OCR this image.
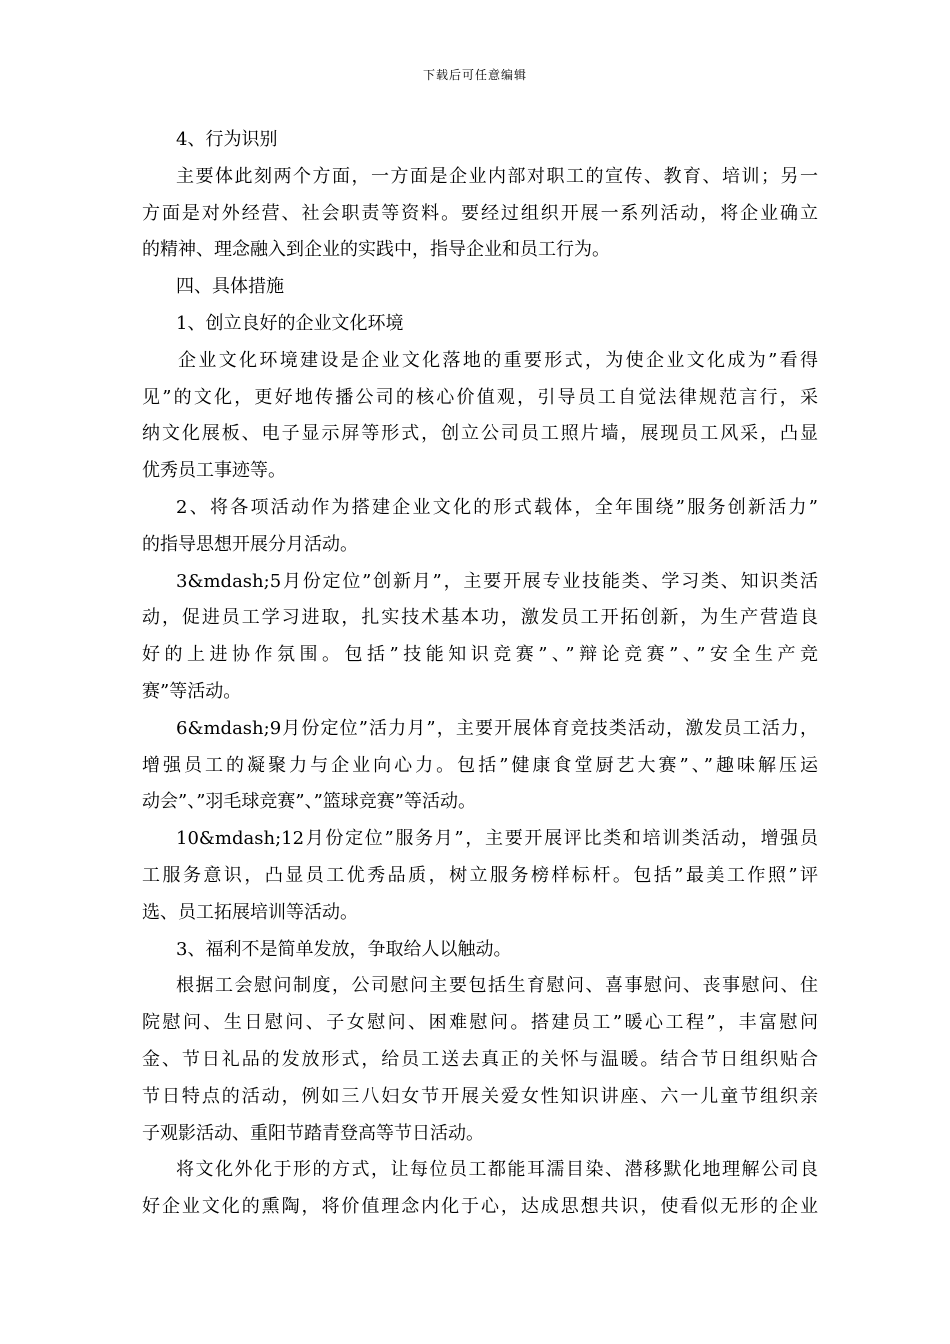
下载后可任意编辑
4、行为识别
主要体此刻两个方面，一方面是企业内部对职工的宣传、教育、培训；另一
方面是对外经营、社会职责等资料。要经过组织开展一系列活动，将企业确立
的精神、理念融入到企业的实践中，指导企业和员工行为。
四、具体措施
1、创立良好的企业文化环境
企业文化环境建设是企业文化落地的重要形式，为使企业文化成为”看得
见”的文化，更好地传播公司的核心价值观，引导员工自觉法律规范言行，采
纳文化展板、电子显示屏等形式，创立公司员工照片墙，展现员工风采，凸显
优秀员工事迹等。
2、将各项活动作为搭建企业文化的形式载体，全年围绕”服务创新活力”
的指导思想开展分月活动。
3&mdash;5月份定位”创新月”，主要开展专业技能类、学习类、知识类活
动，促进员工学习进取，扎实技术基本功，激发员工开拓创新，为生产营造良
好的上进协作氛围。包括”技能知识竞赛”、”辩论竞赛”、”安全生产竞
赛”等活动。
6&mdash;9月份定位”活力月”，主要开展体育竞技类活动，激发员工活力，
增强员工的凝聚力与企业向心力。包括”健康食堂厨艺大赛”、”趣味解压运
动会”、”羽毛球竞赛”、”篮球竞赛”等活动。
10&mdash;12月份定位”服务月”，主要开展评比类和培训类活动，增强员
工服务意识，凸显员工优秀品质，树立服务榜样标杆。包括”最美工作照”评
选、员工拓展培训等活动。
3、福利不是简单发放，争取给人以触动。
根据工会慰问制度，公司慰问主要包括生育慰问、喜事慰问、丧事慰问、住
院慰问、生日慰问、子女慰问、困难慰问。搭建员工”暖心工程”，丰富慰问
金、节日礼品的发放形式，给员工送去真正的关怀与温暖。结合节日组织贴合
节日特点的活动，例如三八妇女节开展关爱女性知识讲座、六一儿童节组织亲
子观影活动、重阳节踏青登高等节日活动。
将文化外化于形的方式，让每位员工都能耳濡目染、潜移默化地理解公司良
好企业文化的熏陶，将价值理念内化于心，达成思想共识，使看似无形的企业
